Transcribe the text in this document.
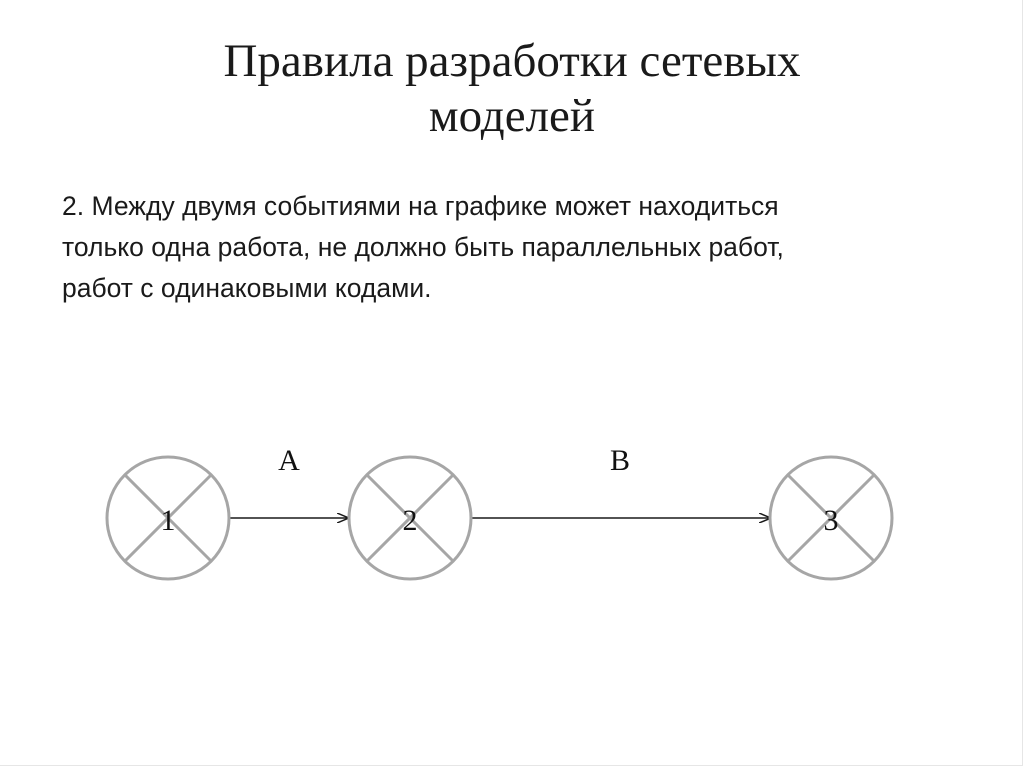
Правила разработки сетевых
моделей
2. Между двумя событиями на графике может находиться
только одна работа, не должно быть параллельных работ,
работ с одинаковыми кодами.
A	B
1	2	3
